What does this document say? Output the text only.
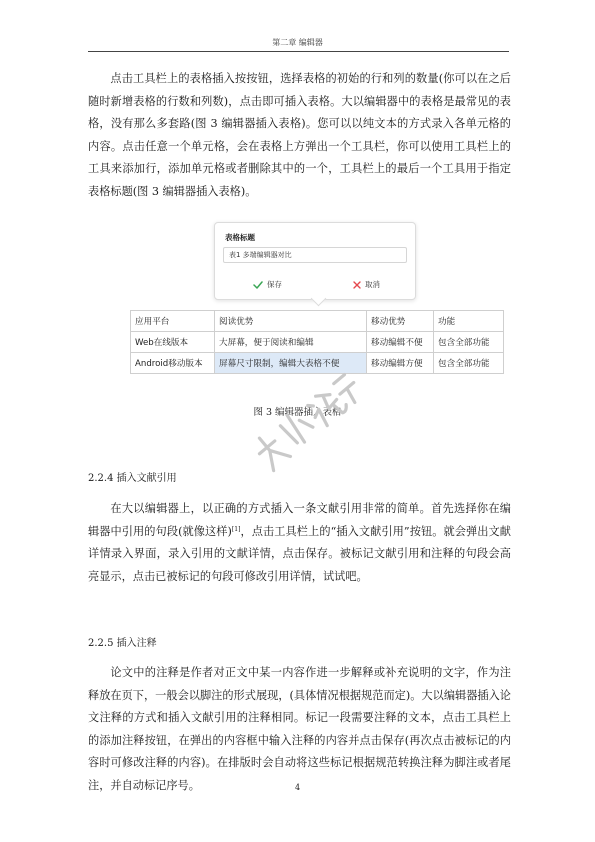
第二章 编辑器

点击工具栏上的表格插入按按钮，选择表格的初始的行和列的数量(你可以在之后随时新增表格的行数和列数)，点击即可插入表格。大以编辑器中的表格是最常见的表格，没有那么多套路(图 3 编辑器插入表格)。您可以以纯文本的方式录入各单元格的内容。点击任意一个单元格，会在表格上方弹出一个工具栏，你可以使用工具栏上的工具来添加行，添加单元格或者删除其中的一个，工具栏上的最后一个工具用于指定表格标题(图 3 编辑器插入表格)。

表格标题
表1 多端编辑器对比
保存	取消
应用平台	阅读优势	移动优势	功能
Web在线版本	大屏幕，便于阅读和编辑	移动编辑不便	包含全部功能
Android移动版本	屏幕尺寸限制，编辑大表格不便	移动编辑方便	包含全部功能
图 3 编辑器插入表格
2.2.4 插入文献引用

在大以编辑器上，以正确的方式插入一条文献引用非常的简单。首先选择你在编辑器中引用的句段(就像这样)[1]，点击工具栏上的“插入文献引用”按钮。就会弹出文献详情录入界面，录入引用的文献详情，点击保存。被标记文献引用和注释的句段会高亮显示，点击已被标记的句段可修改引用详情，试试吧。

2.2.5 插入注释

论文中的注释是作者对正文中某一内容作进一步解释或补充说明的文字，作为注释放在页下，一般会以脚注的形式展现，(具体情况根据规范而定)。大以编辑器插入论文注释的方式和插入文献引用的注释相同。标记一段需要注释的文本，点击工具栏上的添加注释按钮，在弹出的内容框中输入注释的内容并点击保存(再次点击被标记的内容时可修改注释的内容)。在排版时会自动将这些标记根据规范转换注释为脚注或者尾注，并自动标记序号。	4
